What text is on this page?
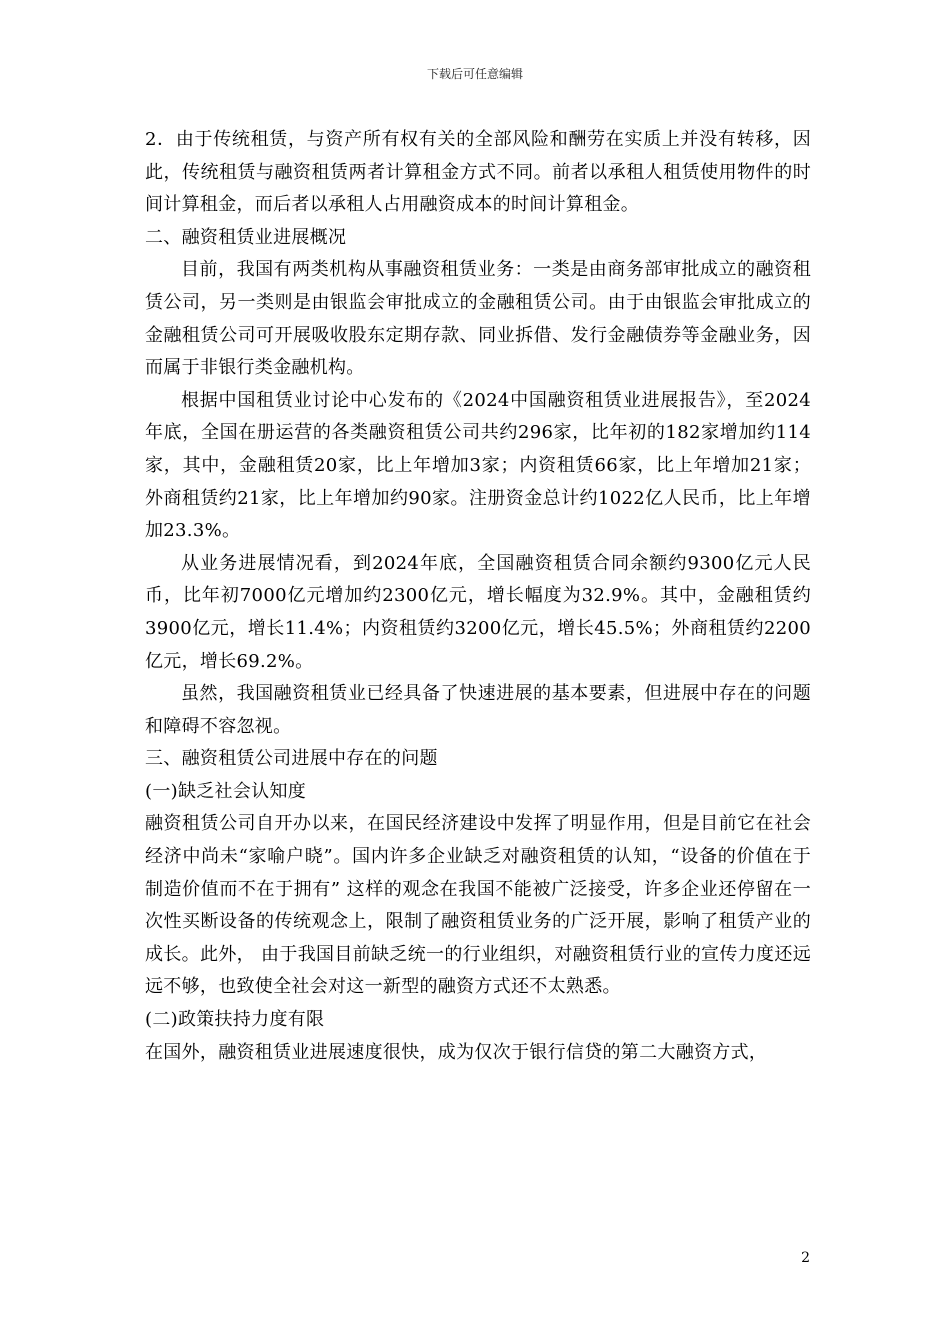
下载后可任意编辑

2．由于传统租赁，与资产所有权有关的全部风险和酬劳在实质上并没有转移，因此，传统租赁与融资租赁两者计算租金方式不同。前者以承租人租赁使用物件的时间计算租金，而后者以承租人占用融资成本的时间计算租金。

二、融资租赁业进展概况

目前，我国有两类机构从事融资租赁业务：一类是由商务部审批成立的融资租赁公司，另一类则是由银监会审批成立的金融租赁公司。由于由银监会审批成立的金融租赁公司可开展吸收股东定期存款、同业拆借、发行金融债券等金融业务，因而属于非银行类金融机构。

根据中国租赁业讨论中心发布的《2024中国融资租赁业进展报告》，至2024年底，全国在册运营的各类融资租赁公司共约296家，比年初的182家增加约114家，其中，金融租赁20家，比上年增加3家；内资租赁66家，比上年增加21家；外商租赁约21家，比上年增加约90家。注册资金总计约1022亿人民币，比上年增加23.3%。

从业务进展情况看，到2024年底，全国融资租赁合同余额约9300亿元人民币，比年初7000亿元增加约2300亿元，增长幅度为32.9%。其中，金融租赁约3900亿元，增长11.4%；内资租赁约3200亿元，增长45.5%；外商租赁约2200亿元，增长69.2%。

虽然，我国融资租赁业已经具备了快速进展的基本要素，但进展中存在的问题和障碍不容忽视。

三、融资租赁公司进展中存在的问题

(一)缺乏社会认知度

融资租赁公司自开办以来，在国民经济建设中发挥了明显作用，但是目前它在社会经济中尚未“家喻户晓”。国内许多企业缺乏对融资租赁的认知，“设备的价值在于制造价值而不在于拥有” 这样的观念在我国不能被广泛接受，许多企业还停留在一次性买断设备的传统观念上，限制了融资租赁业务的广泛开展，影响了租赁产业的成长。此外， 由于我国目前缺乏统一的行业组织，对融资租赁行业的宣传力度还远远不够，也致使全社会对这一新型的融资方式还不太熟悉。

(二)政策扶持力度有限

在国外，融资租赁业进展速度很快，成为仅次于银行信贷的第二大融资方式，

2
